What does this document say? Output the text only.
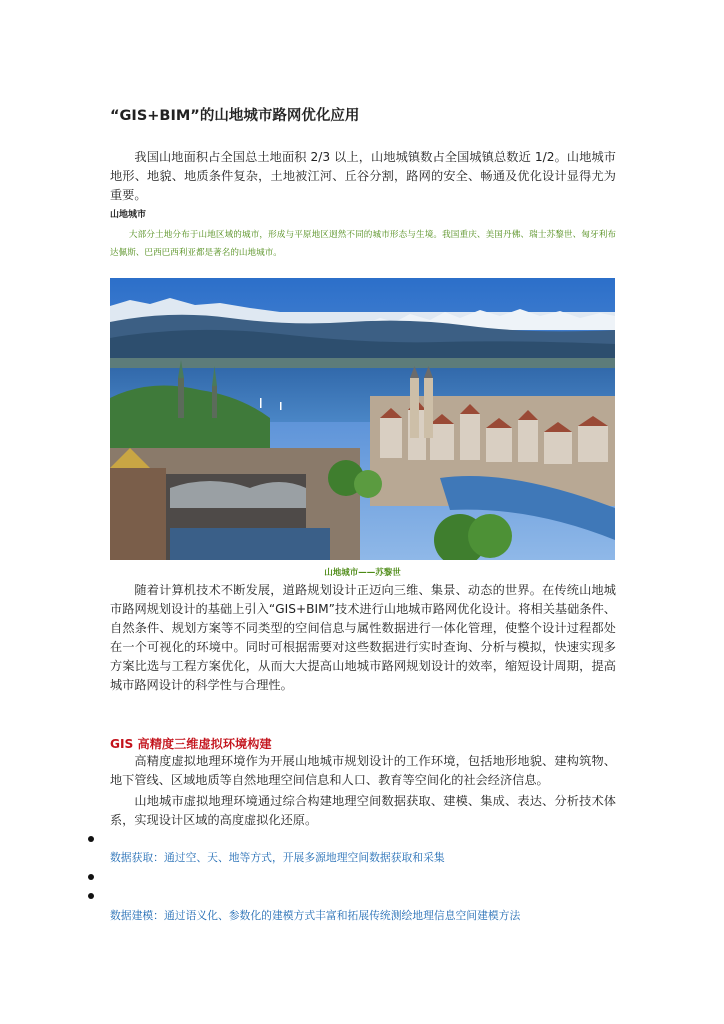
“GIS+BIM”的山地城市路网优化应用

我国山地面积占全国总土地面积 2/3 以上，山地城镇数占全国城镇总数近 1/2。山地城市地形、地貌、地质条件复杂，土地被江河、丘谷分割，路网的安全、畅通及优化设计显得尤为重要。

山地城市

大部分土地分布于山地区域的城市，形成与平原地区迥然不同的城市形态与生境。我国重庆、美国丹佛、瑞士苏黎世、匈牙利布达佩斯、巴西巴西利亚都是著名的山地城市。

山地城市——苏黎世

随着计算机技术不断发展，道路规划设计正迈向三维、集景、动态的世界。在传统山地城市路网规划设计的基础上引入“GIS+BIM”技术进行山地城市路网优化设计。将相关基础条件、自然条件、规划方案等不同类型的空间信息与属性数据进行一体化管理，使整个设计过程都处在一个可视化的环境中。同时可根据需要对这些数据进行实时查询、分析与模拟，快速实现多方案比选与工程方案优化，从而大大提高山地城市路网规划设计的效率，缩短设计周期，提高城市路网设计的科学性与合理性。

GIS 高精度三维虚拟环境构建

高精度虚拟地理环境作为开展山地城市规划设计的工作环境，包括地形地貌、建构筑物、地下管线、区域地质等自然地理空间信息和人口、教育等空间化的社会经济信息。

山地城市虚拟地理环境通过综合构建地理空间数据获取、建模、集成、表达、分析技术体系，实现设计区域的高度虚拟化还原。

数据获取：通过空、天、地等方式，开展多源地理空间数据获取和采集
数据建模：通过语义化、参数化的建模方式丰富和拓展传统测绘地理信息空间建模方法
